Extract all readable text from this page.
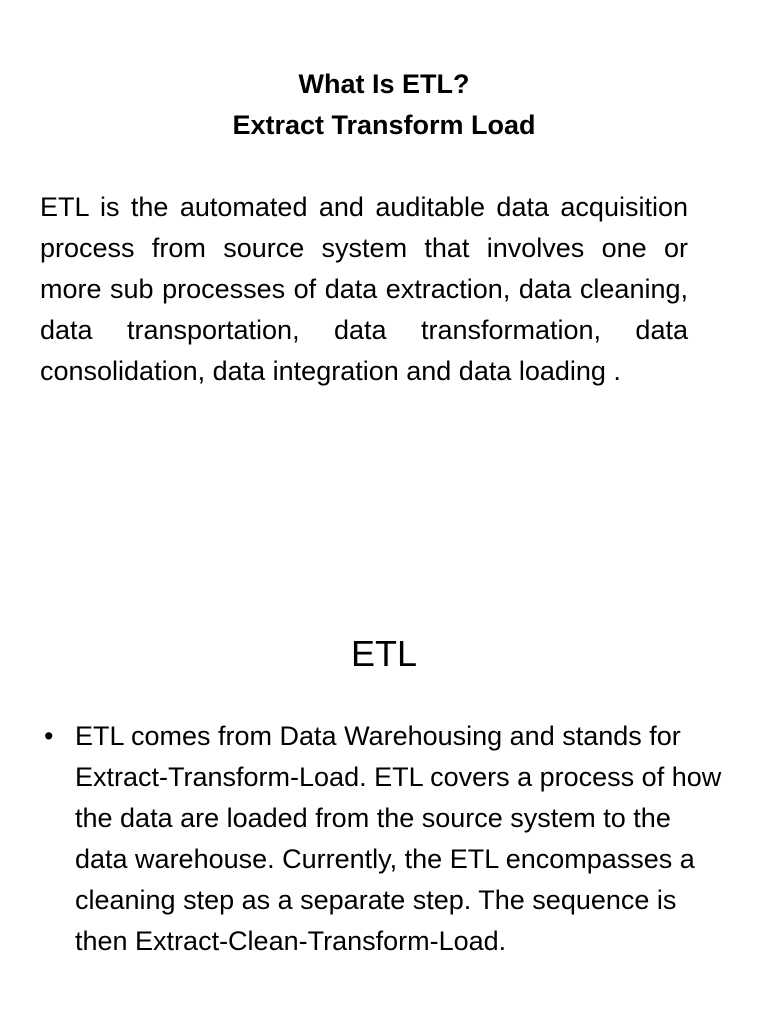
What Is ETL?
Extract Transform Load

ETL is the automated and auditable data acquisition process from source system that involves one or more sub processes of data extraction, data cleaning, data transportation, data transformation, data consolidation, data integration and data loading .

ETL
• ETL comes from Data Warehousing and stands for Extract-Transform-Load. ETL covers a process of how the data are loaded from the source system to the data warehouse. Currently, the ETL encompasses a cleaning step as a separate step. The sequence is then Extract-Clean-Transform-Load.
